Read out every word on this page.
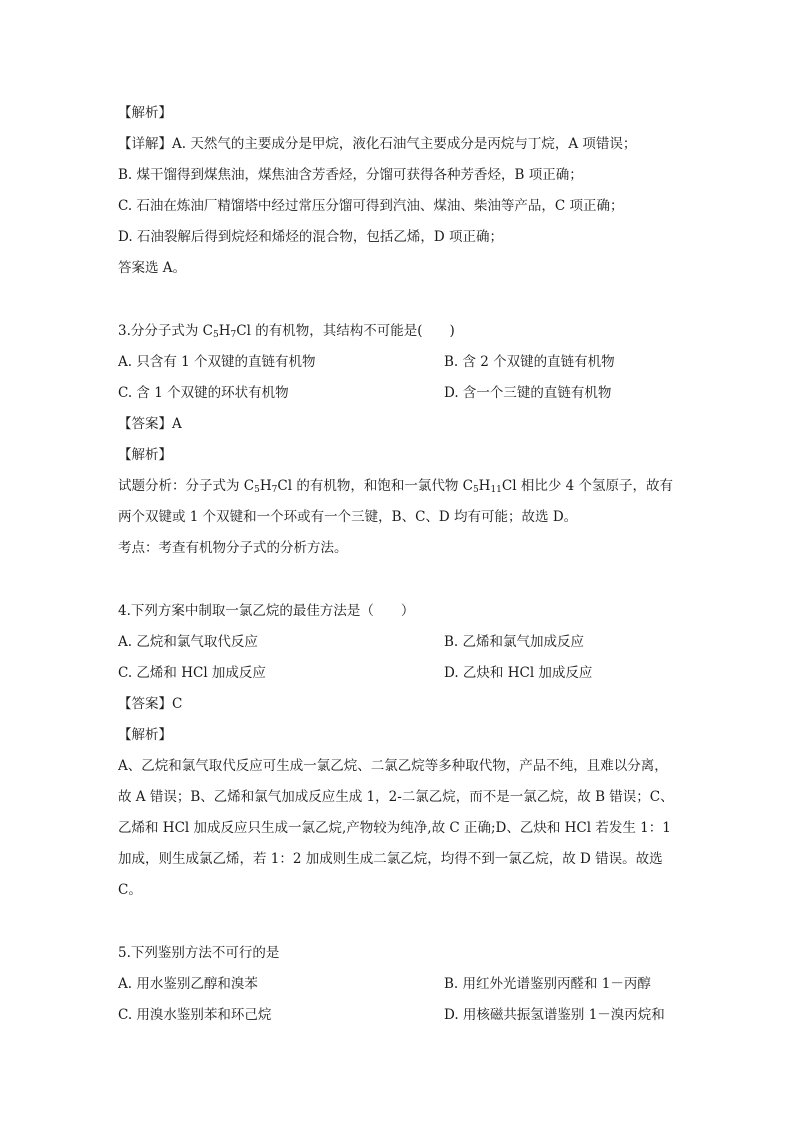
【解析】
【详解】A. 天然气的主要成分是甲烷，液化石油气主要成分是丙烷与丁烷，A 项错误；
B. 煤干馏得到煤焦油，煤焦油含芳香烃，分馏可获得各种芳香烃，B 项正确；
C. 石油在炼油厂精馏塔中经过常压分馏可得到汽油、煤油、柴油等产品，C 项正确；
D. 石油裂解后得到烷烃和烯烃的混合物，包括乙烯，D 项正确；
答案选 A。
3.分分子式为 $C_5H_7Cl$ 的有机物，其结构不可能是(　　)
A. 只含有 1 个双键的直链有机物	B. 含 2 个双键的直链有机物
C. 含 1 个双键的环状有机物	D. 含一个三键的直链有机物
【答案】A
【解析】
试题分析：分子式为 $C_5H_7Cl$ 的有机物，和饱和一氯代物 $C_5H_{11}Cl$ 相比少 4 个氢原子，故有
两个双键或 1 个双键和一个环或有一个三键，B、C、D 均有可能；故选 D。
考点：考查有机物分子式的分析方法。
4.下列方案中制取一氯乙烷的最佳方法是（　　）
A. 乙烷和氯气取代反应	B. 乙烯和氯气加成反应
C. 乙烯和 HCl 加成反应	D. 乙炔和 HCl 加成反应
【答案】C
【解析】
A、乙烷和氯气取代反应可生成一氯乙烷、二氯乙烷等多种取代物，产品不纯，且难以分离，
故 A 错误；B、乙烯和氯气加成反应生成 1，2-二氯乙烷，而不是一氯乙烷，故 B 错误；C、
乙烯和 HCl 加成反应只生成一氯乙烷,产物较为纯净,故 C 正确;D、乙炔和 HCl 若发生 1：1
加成，则生成氯乙烯，若 1：2 加成则生成二氯乙烷，均得不到一氯乙烷，故 D 错误。故选
C。
5.下列鉴别方法不可行的是
A. 用水鉴别乙醇和溴苯	B. 用红外光谱鉴别丙醛和 1－丙醇
C. 用溴水鉴别苯和环己烷	D. 用核磁共振氢谱鉴别 1－溴丙烷和
